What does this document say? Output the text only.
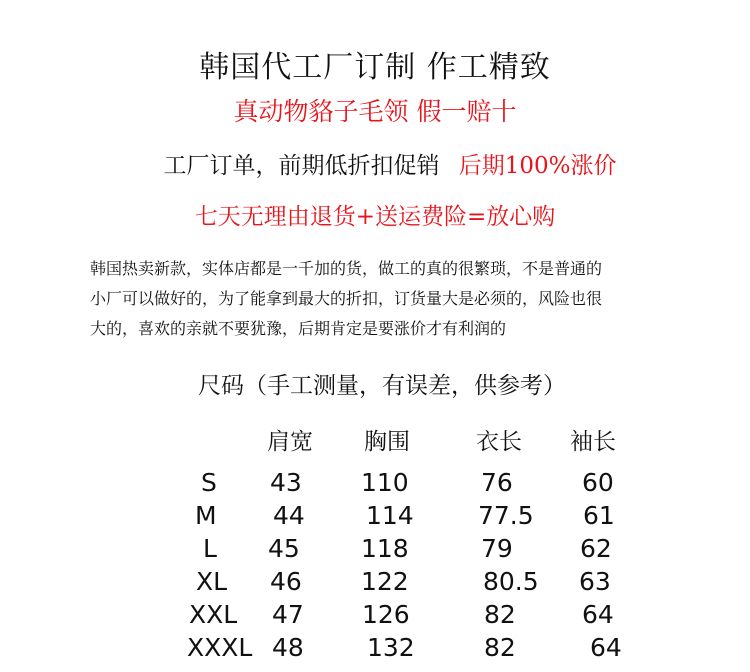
韩国代工厂订制 作工精致
真动物貉子毛领 假一赔十
工厂订单，前期低折扣促销 后期100%涨价
七天无理由退货+送运费险=放心购
韩国热卖新款，实体店都是一千加的货，做工的真的很繁琐，不是普通的
小厂可以做好的，为了能拿到最大的折扣，订货量大是必须的，风险也很
大的，喜欢的亲就不要犹豫，后期肯定是要涨价才有利润的
尺码（手工测量，有误差，供参考）
肩宽 胸围	衣长 袖长
S 43 110	76	60
M 44 114	77.5 61
L 45 118	79	62
XL 46 122	80.5 63
XXL 47 126	82	64
XXXL 48	132	82	64
